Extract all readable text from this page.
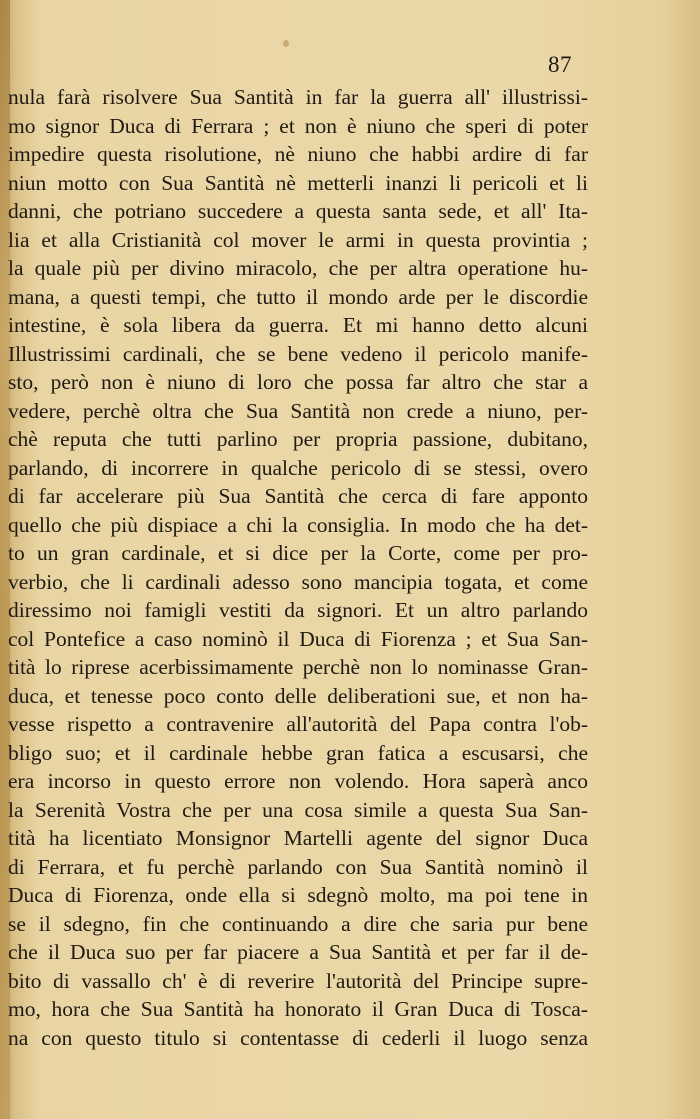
87
nula farà risolvere Sua Santità in far la guerra all' illustrissi-
mo signor Duca di Ferrara ; et non è niuno che speri di poter
impedire questa risolutione, nè niuno che habbi ardire di far
niun motto con Sua Santità nè metterli inanzi li pericoli et li
danni, che potriano succedere a questa santa sede, et all' Ita-
lia et alla Cristianità col mover le armi in questa provintia ;
la quale più per divino miracolo, che per altra operatione hu-
mana, a questi tempi, che tutto il mondo arde per le discordie
intestine, è sola libera da guerra. Et mi hanno detto alcuni
Illustrissimi cardinali, che se bene vedeno il pericolo manife-
sto, però non è niuno di loro che possa far altro che star a
vedere, perchè oltra che Sua Santità non crede a niuno, per-
chè reputa che tutti parlino per propria passione, dubitano,
parlando, di incorrere in qualche pericolo di se stessi, overo
di far accelerare più Sua Santità che cerca di fare apponto
quello che più dispiace a chi la consiglia. In modo che ha det-
to un gran cardinale, et si dice per la Corte, come per pro-
verbio, che li cardinali adesso sono mancipia togata, et come
diressimo noi famigli vestiti da signori. Et un altro parlando
col Pontefice a caso nominò il Duca di Fiorenza ; et Sua San-
tità lo riprese acerbissimamente perchè non lo nominasse Gran-
duca, et tenesse poco conto delle deliberationi sue, et non ha-
vesse rispetto a contravenire all'autorità del Papa contra l'ob-
bligo suo; et il cardinale hebbe gran fatica a escusarsi, che
era incorso in questo errore non volendo. Hora saperà anco
la Serenità Vostra che per una cosa simile a questa Sua San-
tità ha licentiato Monsignor Martelli agente del signor Duca
di Ferrara, et fu perchè parlando con Sua Santità nominò il
Duca di Fiorenza, onde ella si sdegnò molto, ma poi tene in
se il sdegno, fin che continuando a dire che saria pur bene
che il Duca suo per far piacere a Sua Santità et per far il de-
bito di vassallo ch' è di reverire l'autorità del Principe supre-
mo, hora che Sua Santità ha honorato il Gran Duca di Tosca-
na con questo titulo si contentasse di cederli il luogo senza
